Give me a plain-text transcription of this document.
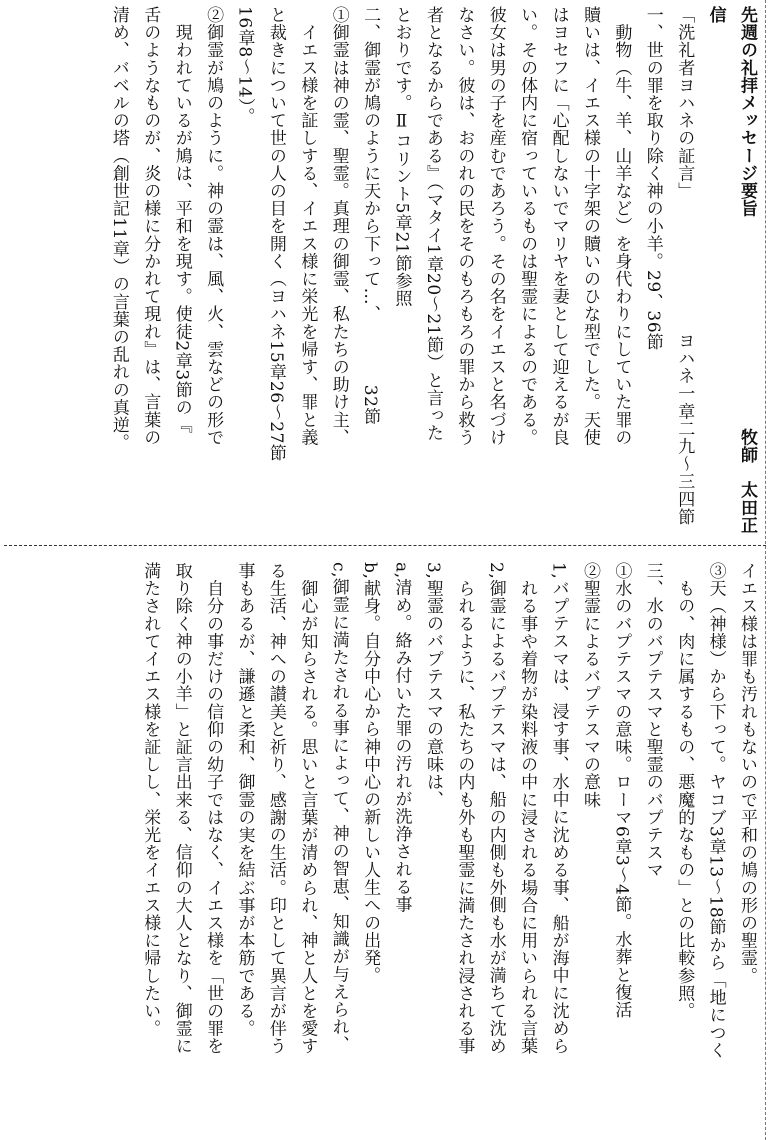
先週の礼拝メッセージ要旨　　　　　　　　　　　　牧師　太田正信

「洗礼者ヨハネの証言」　　　　　　　　ヨハネ一章二九～三四節

一、世の罪を取り除く神の小羊。29、36節

　動物（牛、羊、山羊など）を身代わりにしていた罪の

贖いは、イエス様の十字架の贖いのひな型でした。天使

はヨセフに「心配しないでマリヤを妻として迎えるが良

い。その体内に宿っているものは聖霊によるのである。

彼女は男の子を産むであろう。その名をイエスと名づけ

なさい。彼は、おのれの民をそのもろもろの罪から救う

者となるからである』（マタイ1章20～21節）と言った

とおりです。Ⅱコリント5章21節参照

二、御霊が鳩のように天から下って…、　　　　32節

①御霊は神の霊、聖霊。真理の御霊、私たちの助け主、

　イエス様を証しする、イエス様に栄光を帰す、罪と義

と裁きについて世の人の目を開く（ヨハネ15章26～27節

16章8～14）。

②御霊が鳩のように。神の霊は、風、火、雲などの形で

　現われているが鳩は、平和を現す。使徒2章3節の『

舌のようなものが、炎の様に分かれて現れ』は、言葉の

清め、バベルの塔（創世記11章）の言葉の乱れの真逆。

イエス様は罪も汚れもないので平和の鳩の形の聖霊。

③天（神様）から下って。ヤコブ3章13～18節から「地につく

　もの、肉に属するもの、悪魔的なもの」との比較参照。

三、水のバプテスマと聖霊のバプテスマ

①水のバプテスマの意味。ローマ6章3～4節。水葬と復活

②聖霊によるバプテスマの意味

1,バプテスマは、浸す事、水中に沈める事、船が海中に沈めら

　れる事や着物が染料液の中に浸される場合に用いられる言葉

2,御霊によるバプテスマは、船の内側も外側も水が満ちて沈め

　られるように、私たちの内も外も聖霊に満たされ浸される事

3,聖霊のバプテスマの意味は、

a,清め。絡み付いた罪の汚れが洗浄される事

b,献身。自分中心から神中心の新しい人生への出発。

c,御霊に満たされる事によって、神の智恵、知識が与えられ、

　御心が知らされる。思いと言葉が清められ、神と人とを愛す

る生活、神への讃美と祈り、感謝の生活。印として異言が伴う

事もあるが、謙遜と柔和、御霊の実を結ぶ事が本筋である。

　自分の事だけの信仰の幼子ではなく、イエス様を「世の罪を

取り除く神の小羊」と証言出来る、信仰の大人となり、御霊に

満たされてイエス様を証しし、栄光をイエス様に帰したい。
